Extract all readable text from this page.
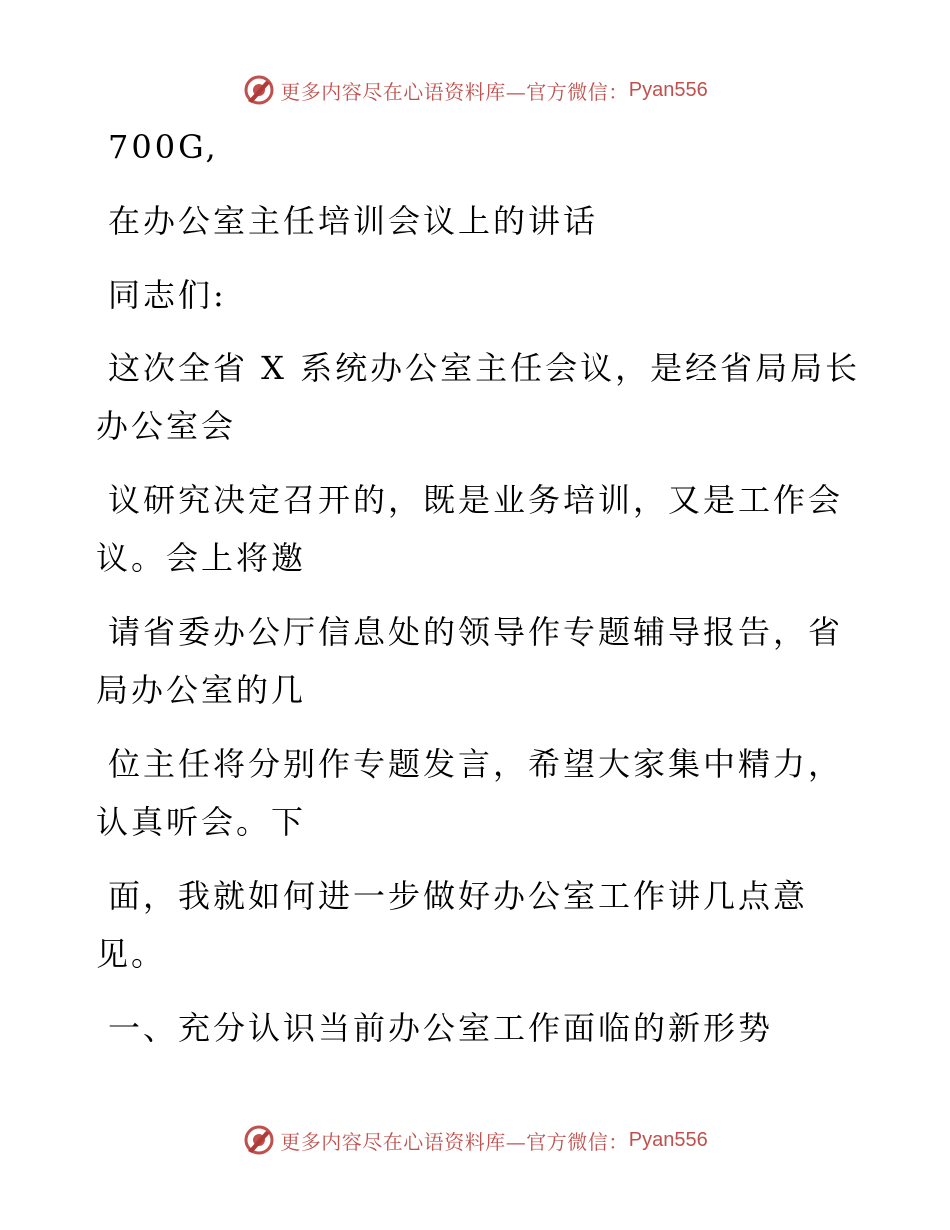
更多内容尽在心语资料库—官方微信： Pyan556
700G,
在办公室主任培训会议上的讲话
同志们:
这次全省 X 系统办公室主任会议，是经省局局长
办公室会
议研究决定召开的，既是业务培训，又是工作会
议。会上将邀
请省委办公厅信息处的领导作专题辅导报告，省
局办公室的几
位主任将分别作专题发言，希望大家集中精力，
认真听会。下
面，我就如何进一步做好办公室工作讲几点意
见。
一、充分认识当前办公室工作面临的新形势
更多内容尽在心语资料库—官方微信： Pyan556
